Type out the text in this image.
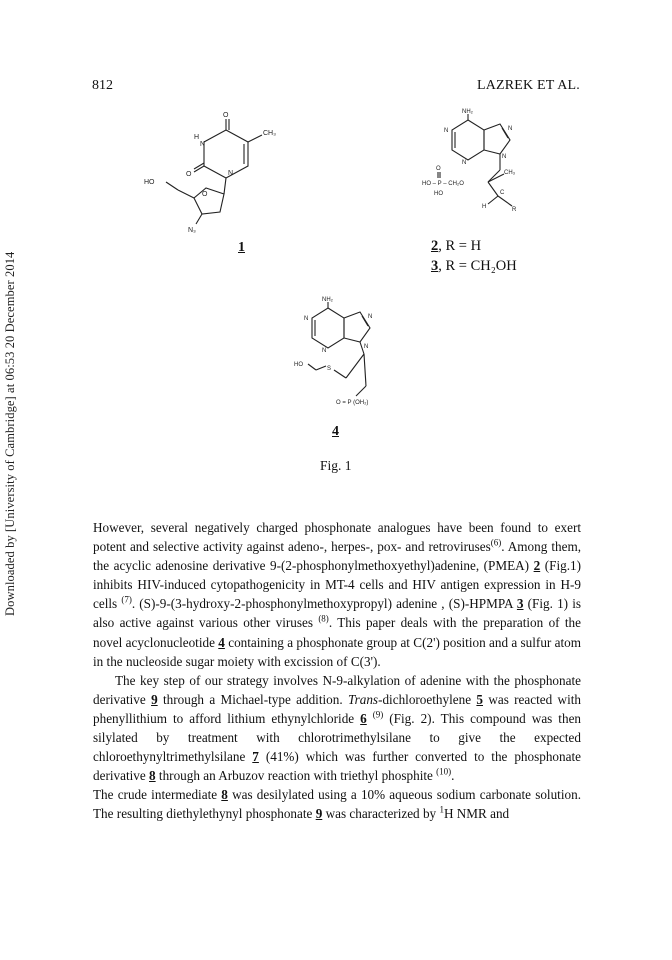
Downloaded by [University of Cambridge] at 06:53 20 December 2014
812	LAZREK ET AL.
O
H
N
CH₃
O	N
HO
O
N₃
1
NH₂
N
N
N
N
O
HO – P – CH₂O
HO
CH₃
C
H	R
2, R = H
3, R = CH₂OH
NH₂
N
N
N
N
HO
S
O = P (OH₂)
4
Fig. 1

However, several negatively charged phosphonate analogues have been found to exert potent and selective activity against adeno-, herpes-, pox- and retroviruses$^{(6)}$. Among them, the acyclic adenosine derivative 9-(2-phosphonylmethoxyethyl)adenine, (PMEA) 2 (Fig.1) inhibits HIV-induced cytopathogenicity in MT-4 cells and HIV antigen expression in H-9 cells $^{(7)}$. (S)-9-(3-hydroxy-2-phosphonylmethoxypropyl) adenine , (S)-HPMPA 3 (Fig. 1) is also active against various other viruses $^{(8)}$. This paper deals with the preparation of the novel acyclonucleotide 4 containing a phosphonate group at C(2') position and a sulfur atom in the nucleoside sugar moiety with excission of C(3').

The key step of our strategy involves N-9-alkylation of adenine with the phosphonate derivative 9 through a Michael-type addition. Trans-dichloroethylene 5 was reacted with phenyllithium to afford lithium ethynylchloride 6 $^{(9)}$ (Fig. 2). This compound was then silylated by treatment with chlorotrimethylsilane to give the expected chloroethynyltrimethylsilane 7 (41%) which was further converted to the phosphonate derivative 8 through an Arbuzov reaction with triethyl phosphite $^{(10)}$.

The crude intermediate 8 was desilylated using a 10% aqueous sodium carbonate solution. The resulting diethylethynyl phosphonate 9 was characterized by $^1$H NMR and
